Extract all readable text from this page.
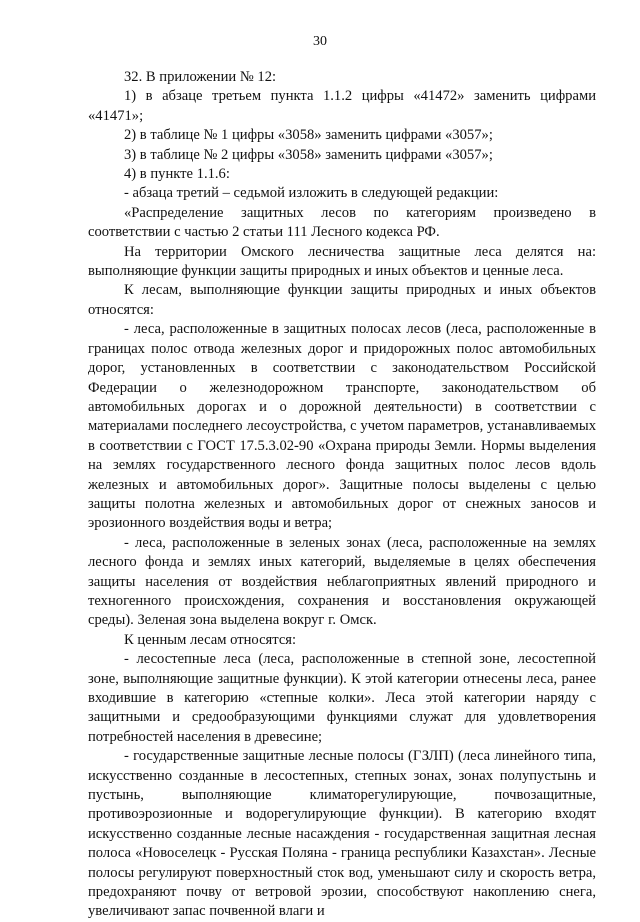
30

32. В приложении № 12:

1) в абзаце третьем пункта 1.1.2 цифры «41472» заменить цифрами «41471»;

2) в таблице № 1 цифры «3058» заменить цифрами «3057»;

3) в таблице № 2 цифры «3058» заменить цифрами «3057»;

4) в пункте 1.1.6:

- абзаца третий – седьмой изложить в следующей редакции:

«Распределение защитных лесов по категориям произведено в соответствии с частью 2 статьи 111 Лесного кодекса РФ.

На территории Омского лесничества защитные леса делятся на: выполняющие функции защиты природных и иных объектов и ценные леса.

К лесам, выполняющие функции защиты природных и иных объектов относятся:

- леса, расположенные в защитных полосах лесов (леса, расположенные в границах полос отвода железных дорог и придорожных полос автомобильных дорог, установленных в соответствии с законодательством Российской Федерации о железнодорожном транспорте, законодательством об автомобильных дорогах и о дорожной деятельности) в соответствии с материалами последнего лесоустройства, с учетом параметров, устанавливаемых в соответствии с ГОСТ 17.5.3.02-90 «Охрана природы Земли. Нормы выделения на землях государственного лесного фонда защитных полос лесов вдоль железных и автомобильных дорог». Защитные полосы выделены с целью защиты полотна железных и автомобильных дорог от снежных заносов и эрозионного воздействия воды и ветра;

- леса, расположенные в зеленых зонах (леса, расположенные на землях лесного фонда и землях иных категорий, выделяемые в целях обеспечения защиты населения от воздействия неблагоприятных явлений природного и техногенного происхождения, сохранения и восстановления окружающей среды). Зеленая зона выделена вокруг г. Омск.

К ценным лесам относятся:

- лесостепные леса (леса, расположенные в степной зоне, лесостепной зоне, выполняющие защитные функции). К этой категории отнесены леса, ранее входившие в категорию «степные колки». Леса этой категории наряду с защитными и средообразующими функциями служат для удовлетворения потребностей населения в древесине;

- государственные защитные лесные полосы (ГЗЛП) (леса линейного типа, искусственно созданные в лесостепных, степных зонах, зонах полупустынь и пустынь, выполняющие климаторегулирующие, почвозащитные, противоэрозионные и водорегулирующие функции). В категорию входят искусственно созданные лесные насаждения - государственная защитная лесная полоса «Новоселецк - Русская Поляна - граница республики Казахстан». Лесные полосы регулируют поверхностный сток вод, уменьшают силу и скорость ветра, предохраняют почву от ветровой эрозии, способствуют накоплению снега, увеличивают запас почвенной влаги и
